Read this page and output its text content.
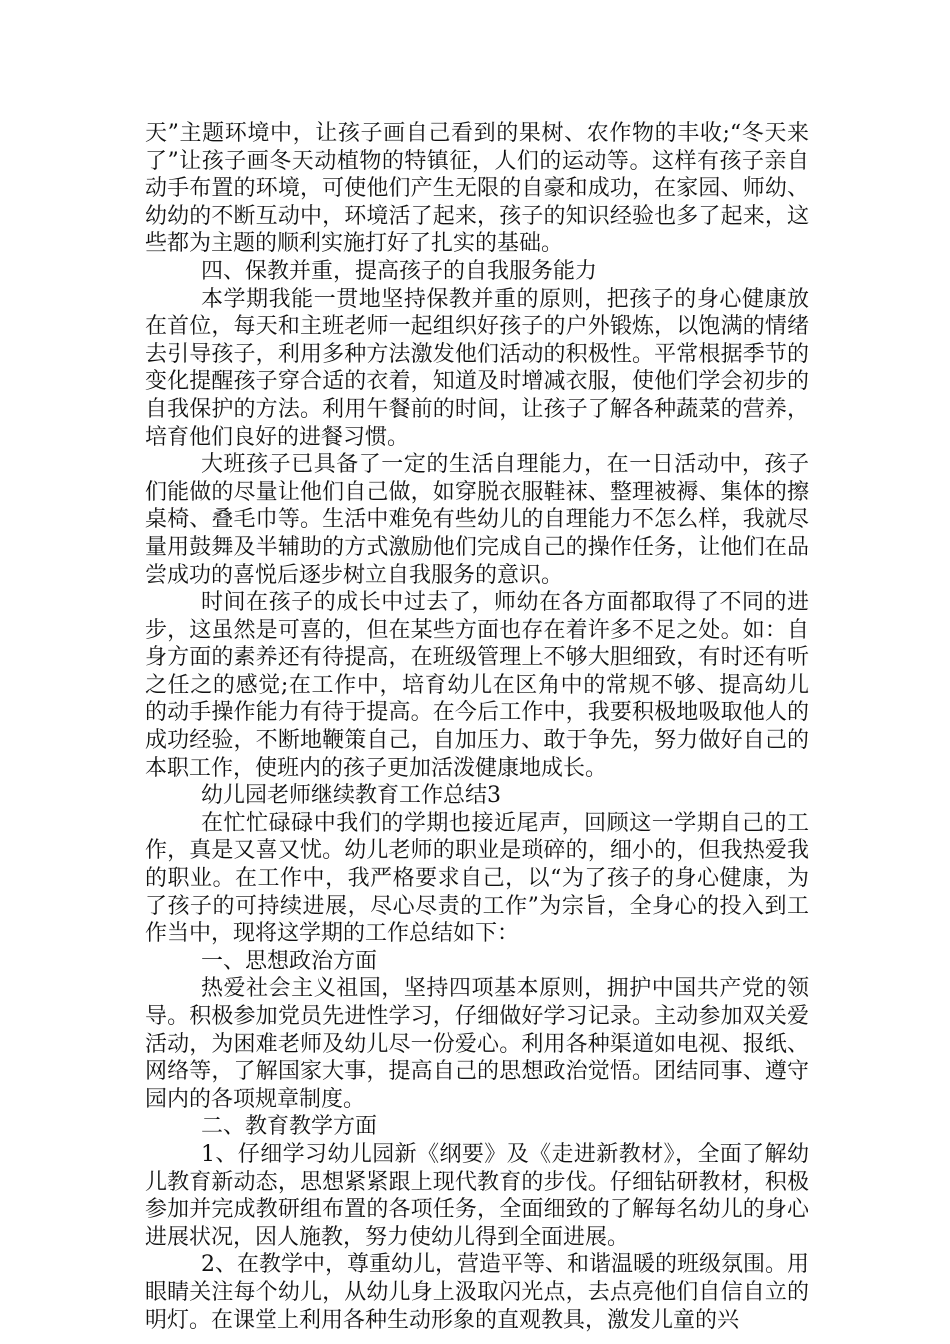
天”主题环境中，让孩子画自己看到的果树、农作物的丰收;“冬天来了”让孩子画冬天动植物的特镇征，人们的运动等。这样有孩子亲自动手布置的环境，可使他们产生无限的自豪和成功，在家园、师幼、幼幼的不断互动中，环境活了起来，孩子的知识经验也多了起来，这些都为主题的顺利实施打好了扎实的基础。

四、保教并重，提高孩子的自我服务能力

本学期我能一贯地坚持保教并重的原则，把孩子的身心健康放在首位，每天和主班老师一起组织好孩子的户外锻炼，以饱满的情绪去引导孩子，利用多种方法激发他们活动的积极性。平常根据季节的变化提醒孩子穿合适的衣着，知道及时增减衣服，使他们学会初步的自我保护的方法。利用午餐前的时间，让孩子了解各种蔬菜的营养，培育他们良好的进餐习惯。

大班孩子已具备了一定的生活自理能力，在一日活动中，孩子们能做的尽量让他们自己做，如穿脱衣服鞋袜、整理被褥、集体的擦桌椅、叠毛巾等。生活中难免有些幼儿的自理能力不怎么样，我就尽量用鼓舞及半辅助的方式激励他们完成自己的操作任务，让他们在品尝成功的喜悦后逐步树立自我服务的意识。

时间在孩子的成长中过去了，师幼在各方面都取得了不同的进步，这虽然是可喜的，但在某些方面也存在着许多不足之处。如：自身方面的素养还有待提高，在班级管理上不够大胆细致，有时还有听之任之的感觉;在工作中，培育幼儿在区角中的常规不够、提高幼儿的动手操作能力有待于提高。在今后工作中，我要积极地吸取他人的成功经验，不断地鞭策自己，自加压力、敢于争先，努力做好自己的本职工作，使班内的孩子更加活泼健康地成长。

幼儿园老师继续教育工作总结3

在忙忙碌碌中我们的学期也接近尾声，回顾这一学期自己的工作，真是又喜又忧。幼儿老师的职业是琐碎的，细小的，但我热爱我的职业。在工作中，我严格要求自己，以“为了孩子的身心健康，为了孩子的可持续进展，尽心尽责的工作”为宗旨，全身心的投入到工作当中，现将这学期的工作总结如下：

一、思想政治方面

热爱社会主义祖国，坚持四项基本原则，拥护中国共产党的领导。积极参加党员先进性学习，仔细做好学习记录。主动参加双关爱活动，为困难老师及幼儿尽一份爱心。利用各种渠道如电视、报纸、网络等，了解国家大事，提高自己的思想政治觉悟。团结同事、遵守园内的各项规章制度。

二、教育教学方面

1、仔细学习幼儿园新《纲要》及《走进新教材》，全面了解幼儿教育新动态，思想紧紧跟上现代教育的步伐。仔细钻研教材，积极参加并完成教研组布置的各项任务，全面细致的了解每名幼儿的身心进展状况，因人施教，努力使幼儿得到全面进展。

2、在教学中，尊重幼儿，营造平等、和谐温暖的班级氛围。用眼睛关注每个幼儿，从幼儿身上汲取闪光点，去点亮他们自信自立的明灯。在课堂上利用各种生动形象的直观教具，激发儿童的兴
